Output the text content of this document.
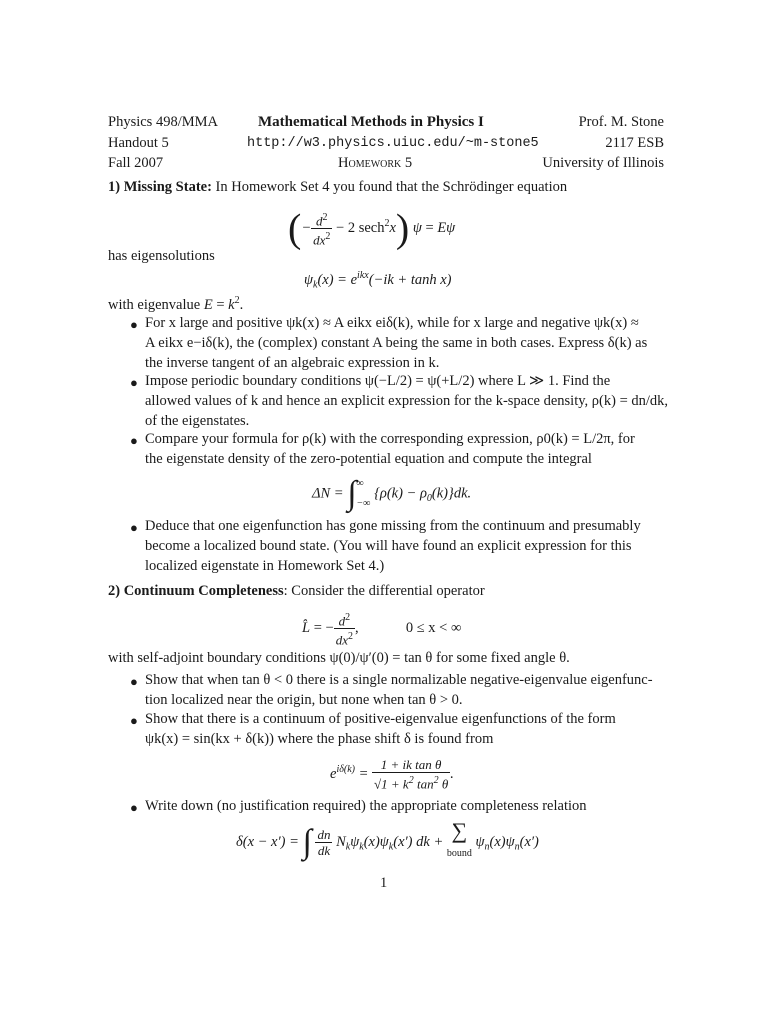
Physics 498/MMA
Handout 5
Fall 2007
Mathematical Methods in Physics I
http://w3.physics.uiuc.edu/~m-stone5
Homework 5
Prof. M. Stone
2117 ESB
University of Illinois
1) Missing State: In Homework Set 4 you found that the Schrödinger equation
(− $\frac{d^2}{dx^2} - 2$ sech$^2$x) ψ = Eψ
has eigensolutions
$\psi_k(x) = e^{ikx}(-ik + \tanh x)$
with eigenvalue $E = k^2$.
● For x large and positive ψk(x) ≈ A eikx eiδ(k), while for x large and negative ψk(x) ≈
A eikx e−iδ(k), the (complex) constant A being the same in both cases. Express δ(k) as
the inverse tangent of an algebraic expression in k.
● Impose periodic boundary conditions ψ(−L/2) = ψ(+L/2) where L ≫ 1. Find the
allowed values of k and hence an explicit expression for the k-space density, ρ(k) = dn/dk,
of the eigenstates.
● Compare your formula for ρ(k) with the corresponding expression, ρ0(k) = L/2π, for
the eigenstate density of the zero-potential equation and compute the integral
ΔN = ∫∞
−∞ $\{\rho(k) - \rho_0(k)\}dk$.
● Deduce that one eigenfunction has gone missing from the continuum and presumably
become a localized bound state. (You will have found an explicit expression for this
localized eigenstate in Homework Set 4.)
2) Continuum Completeness: Consider the differential operator
L̂ = − $\frac{d^2}{dx^2}$ ,	0 ≤ x < ∞
with self-adjoint boundary conditions ψ(0)/ψ′(0) = tan θ for some fixed angle θ.
● Show that when tan θ < 0 there is a single normalizable negative-eigenvalue eigenfunc-
tion localized near the origin, but none when tan θ > 0.
● Show that there is a continuum of positive-eigenvalue eigenfunctions of the form
ψk(x) = sin(kx + δ(k)) where the phase shift δ is found from
$e^{i\delta(k)} = \frac{\text{1 + ik tan θ}}{√1 + k^2 \tan^2 \theta}$ .
● Write down (no justification required) the appropriate completeness relation
δ(x − x′) = ∫ $\frac{dn}{dk} N_k\psi_k(x)\psi_k(x')$ dk + ∑
bound $\psi_n(x)\psi_n(x')$
1
